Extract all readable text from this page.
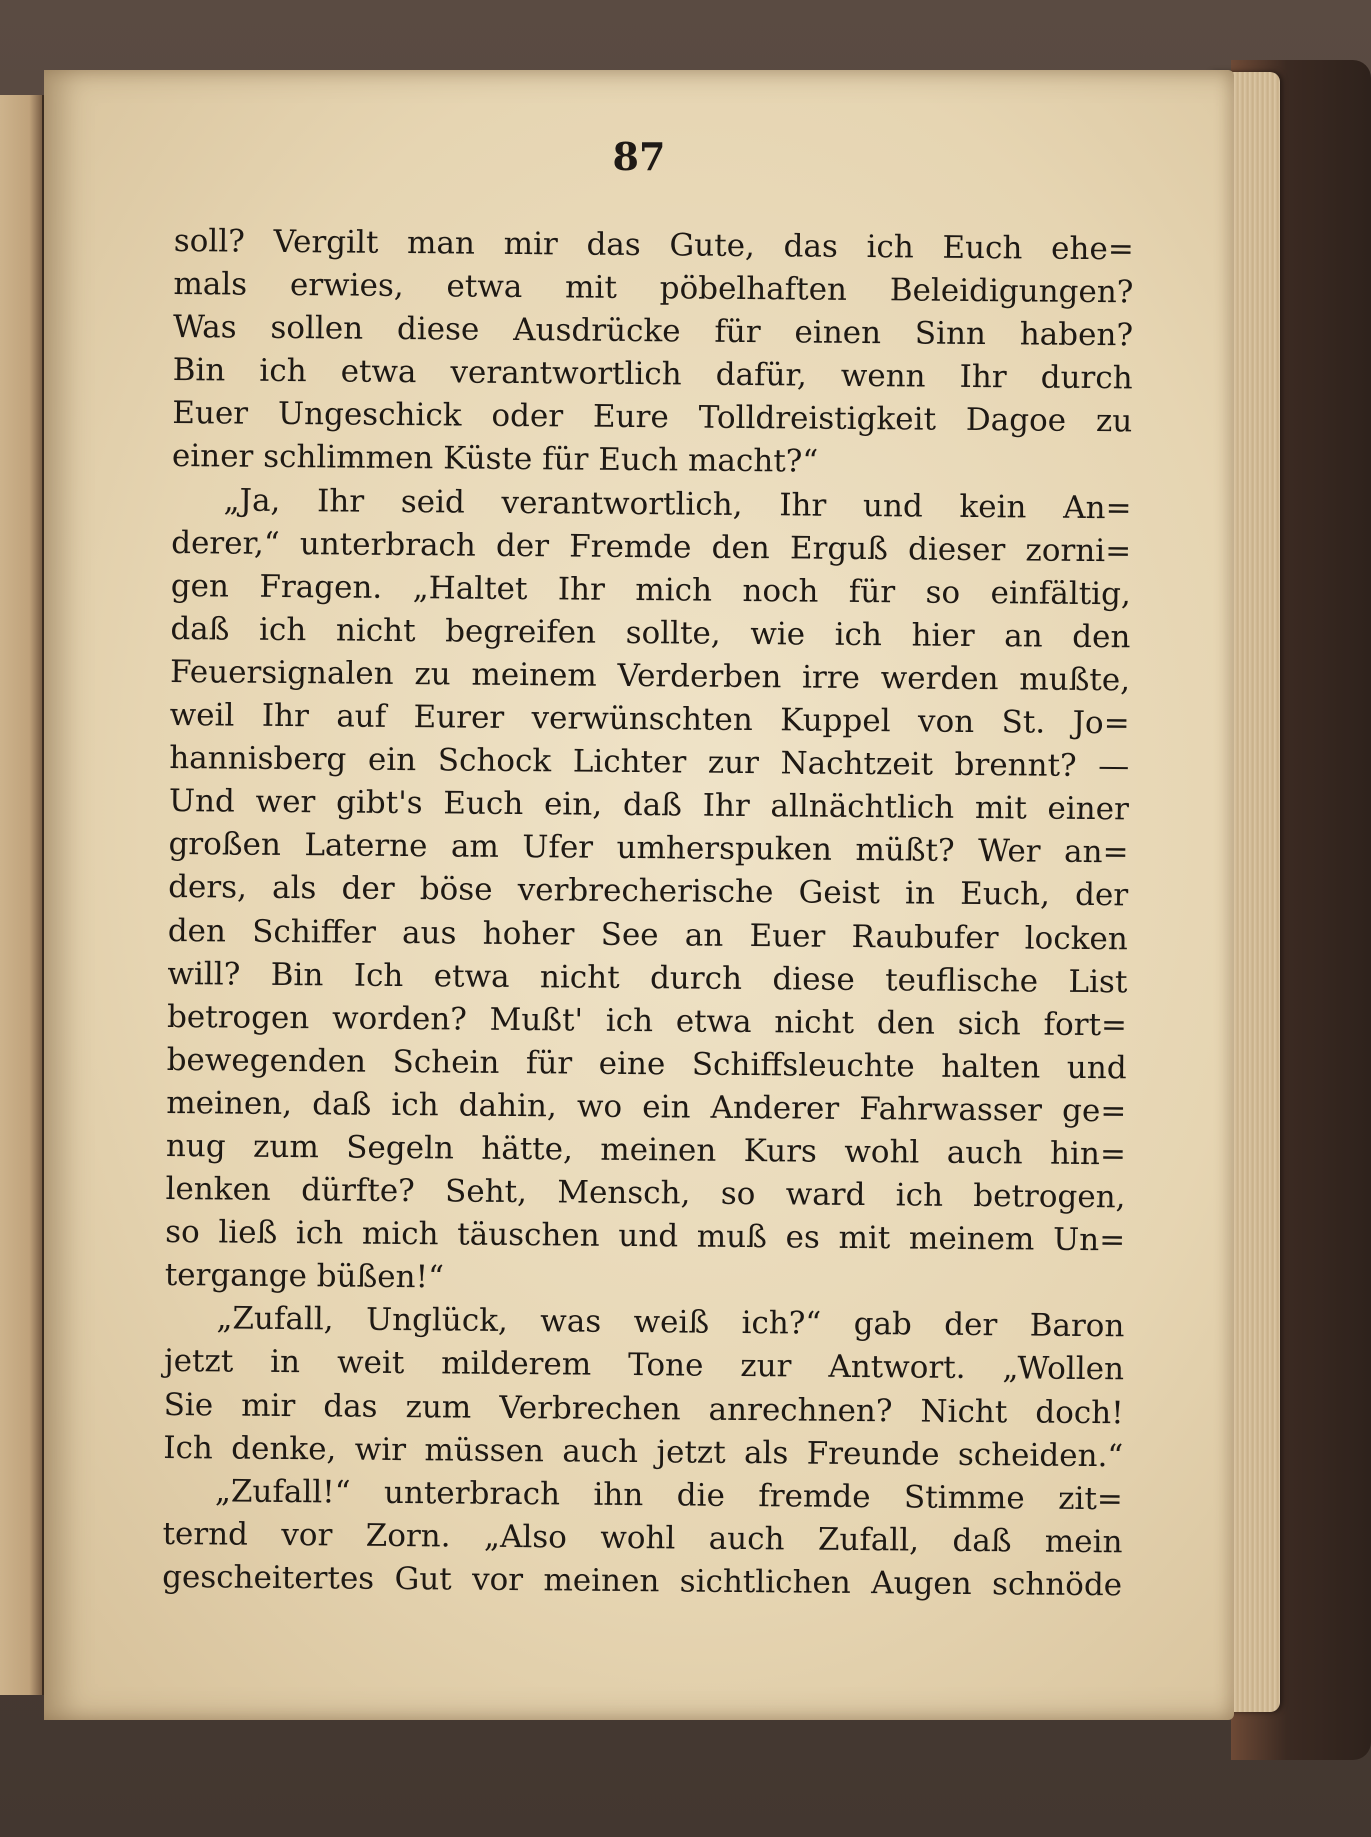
87
soll? Vergilt man mir das Gute, das ich Euch ehe=
mals erwies, etwa mit pöbelhaften Beleidigungen?
Was sollen diese Ausdrücke für einen Sinn haben?
Bin ich etwa verantwortlich dafür, wenn Ihr durch
Euer Ungeschick oder Eure Tolldreistigkeit Dagoe zu
einer schlimmen Küste für Euch macht?“
„Ja, Ihr seid verantwortlich, Ihr und kein An=
derer,“ unterbrach der Fremde den Erguß dieser zorni=
gen Fragen. „Haltet Ihr mich noch für so einfältig,
daß ich nicht begreifen sollte, wie ich hier an den
Feuersignalen zu meinem Verderben irre werden mußte,
weil Ihr auf Eurer verwünschten Kuppel von St. Jo=
hannisberg ein Schock Lichter zur Nachtzeit brennt? —
Und wer gibt's Euch ein, daß Ihr allnächtlich mit einer
großen Laterne am Ufer umherspuken müßt? Wer an=
ders, als der böse verbrecherische Geist in Euch, der
den Schiffer aus hoher See an Euer Raubufer locken
will? Bin Ich etwa nicht durch diese teuflische List
betrogen worden? Mußt' ich etwa nicht den sich fort=
bewegenden Schein für eine Schiffsleuchte halten und
meinen, daß ich dahin, wo ein Anderer Fahrwasser ge=
nug zum Segeln hätte, meinen Kurs wohl auch hin=
lenken dürfte? Seht, Mensch, so ward ich betrogen,
so ließ ich mich täuschen und muß es mit meinem Un=
tergange büßen!“
„Zufall, Unglück, was weiß ich?“ gab der Baron
jetzt in weit milderem Tone zur Antwort. „Wollen
Sie mir das zum Verbrechen anrechnen? Nicht doch!
Ich denke, wir müssen auch jetzt als Freunde scheiden.“
„Zufall!“ unterbrach ihn die fremde Stimme zit=
ternd vor Zorn. „Also wohl auch Zufall, daß mein
gescheitertes Gut vor meinen sichtlichen Augen schnöde
